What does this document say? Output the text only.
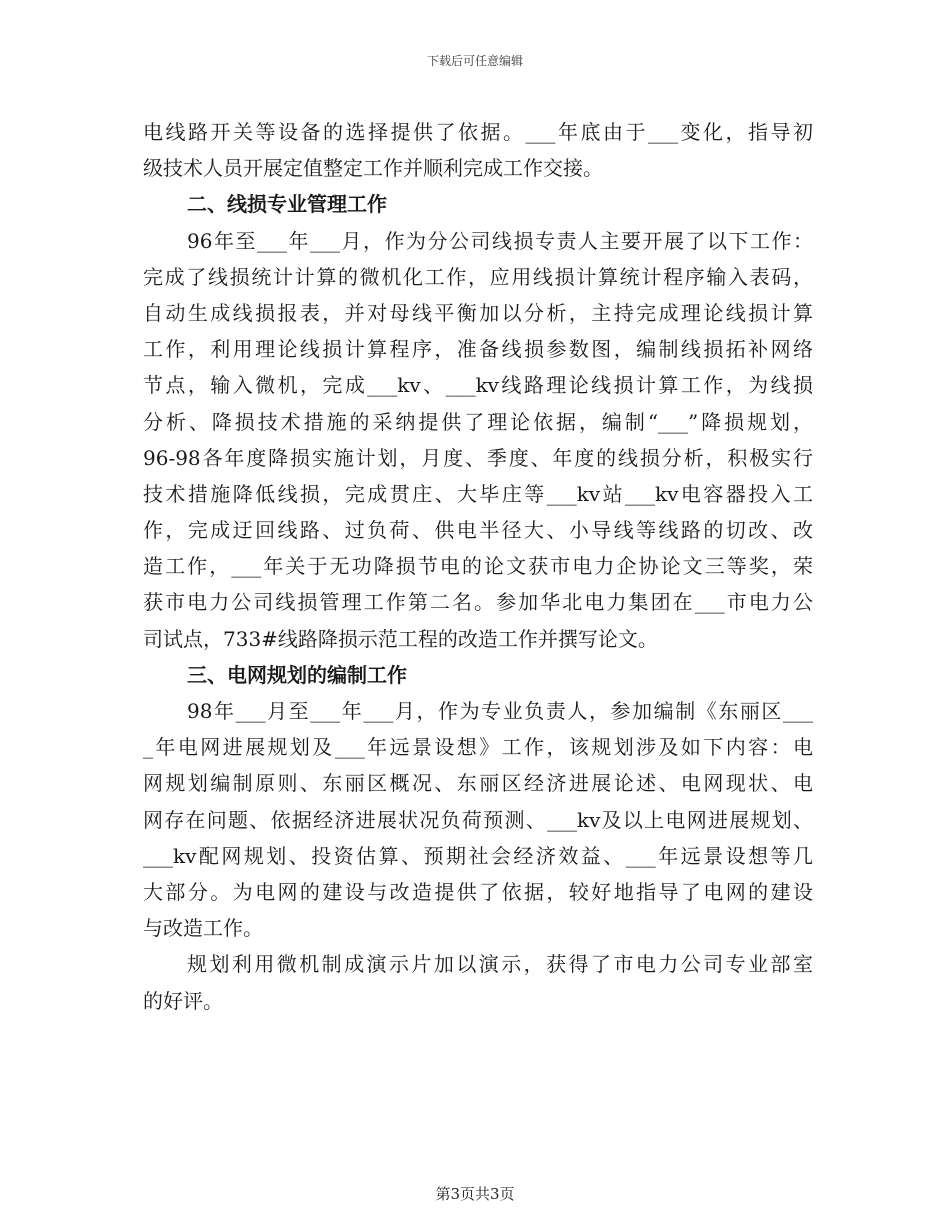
下载后可任意编辑
电线路开关等设备的选择提供了依据。___年底由于___变化，指导初
级技术人员开展定值整定工作并顺利完成工作交接。
二、线损专业管理工作
96年至___年___月，作为分公司线损专责人主要开展了以下工作：
完成了线损统计计算的微机化工作，应用线损计算统计程序输入表码，
自动生成线损报表，并对母线平衡加以分析，主持完成理论线损计算
工作，利用理论线损计算程序，准备线损参数图，编制线损拓补网络
节点，输入微机，完成___kv、___kv线路理论线损计算工作，为线损
分析、降损技术措施的采纳提供了理论依据，编制“___”降损规划，
96-98各年度降损实施计划，月度、季度、年度的线损分析，积极实行
技术措施降低线损，完成贯庄、大毕庄等___kv站___kv电容器投入工
作，完成迂回线路、过负荷、供电半径大、小导线等线路的切改、改
造工作，___年关于无功降损节电的论文获市电力企协论文三等奖，荣
获市电力公司线损管理工作第二名。参加华北电力集团在___市电力公
司试点，733#线路降损示范工程的改造工作并撰写论文。
三、电网规划的编制工作
98年___月至___年___月，作为专业负责人，参加编制《东丽区___
_年电网进展规划及___年远景设想》工作，该规划涉及如下内容：电
网规划编制原则、东丽区概况、东丽区经济进展论述、电网现状、电
网存在问题、依据经济进展状况负荷预测、___kv及以上电网进展规划、
___kv配网规划、投资估算、预期社会经济效益、___年远景设想等几
大部分。为电网的建设与改造提供了依据，较好地指导了电网的建设
与改造工作。
规划利用微机制成演示片加以演示，获得了市电力公司专业部室
的好评。
第3页共3页
